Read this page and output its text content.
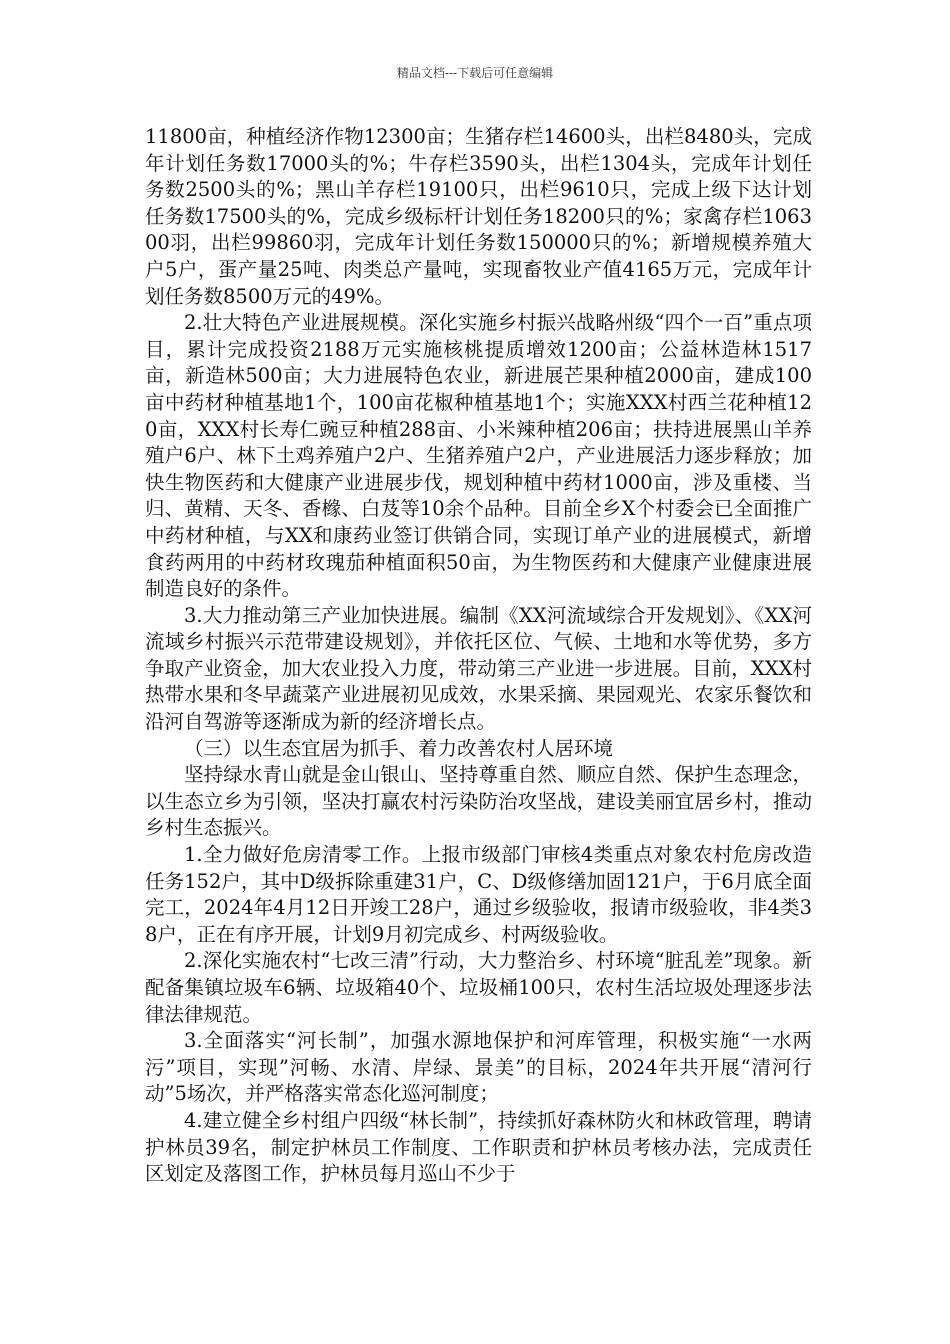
精品文档---下载后可任意编辑

11800亩，种植经济作物12300亩；生猪存栏14600头，出栏8480头，完成年计划任务数17000头的%；牛存栏3590头，出栏1304头，完成年计划任务数2500头的%；黑山羊存栏19100只，出栏9610只，完成上级下达计划任务数17500头的%，完成乡级标杆计划任务18200只的%；家禽存栏106300羽，出栏99860羽，完成年计划任务数150000只的%；新增规模养殖大户5户，蛋产量25吨、肉类总产量吨，实现畜牧业产值4165万元，完成年计划任务数8500万元的49%。

2.壮大特色产业进展规模。深化实施乡村振兴战略州级“四个一百”重点项目，累计完成投资2188万元实施核桃提质增效1200亩；公益林造林1517亩，新造林500亩；大力进展特色农业，新进展芒果种植2000亩，建成100亩中药材种植基地1个，100亩花椒种植基地1个；实施XXX村西兰花种植120亩，XXX村长寿仁豌豆种植288亩、小米辣种植206亩；扶持进展黑山羊养殖户6户、林下土鸡养殖户2户、生猪养殖户2户，产业进展活力逐步释放；加快生物医药和大健康产业进展步伐，规划种植中药材1000亩，涉及重楼、当归、黄精、天冬、香橼、白芨等10余个品种。目前全乡X个村委会已全面推广中药材种植，与XX和康药业签订供销合同，实现订单产业的进展模式，新增食药两用的中药材玫瑰茄种植面积50亩，为生物医药和大健康产业健康进展制造良好的条件。

3.大力推动第三产业加快进展。编制《XX河流域综合开发规划》、《XX河流域乡村振兴示范带建设规划》，并依托区位、气候、土地和水等优势，多方争取产业资金，加大农业投入力度，带动第三产业进一步进展。目前，XXX村热带水果和冬早蔬菜产业进展初见成效，水果采摘、果园观光、农家乐餐饮和沿河自驾游等逐渐成为新的经济增长点。

（三）以生态宜居为抓手、着力改善农村人居环境

坚持绿水青山就是金山银山、坚持尊重自然、顺应自然、保护生态理念，以生态立乡为引领，坚决打赢农村污染防治攻坚战，建设美丽宜居乡村，推动乡村生态振兴。

1.全力做好危房清零工作。上报市级部门审核4类重点对象农村危房改造任务152户，其中D级拆除重建31户，C、D级修缮加固121户，于6月底全面完工，2024年4月12日开竣工28户，通过乡级验收，报请市级验收，非4类38户，正在有序开展，计划9月初完成乡、村两级验收。

2.深化实施农村“七改三清”行动，大力整治乡、村环境“脏乱差”现象。新配备集镇垃圾车6辆、垃圾箱40个、垃圾桶100只，农村生活垃圾处理逐步法律法律规范。

3.全面落实“河长制”，加强水源地保护和河库管理，积极实施“一水两污”项目，实现”河畅、水清、岸绿、景美”的目标，2024年共开展“清河行动”5场次，并严格落实常态化巡河制度；

4.建立健全乡村组户四级“林长制”，持续抓好森林防火和林政管理，聘请护林员39名，制定护林员工作制度、工作职责和护林员考核办法，完成责任区划定及落图工作，护林员每月巡山不少于
